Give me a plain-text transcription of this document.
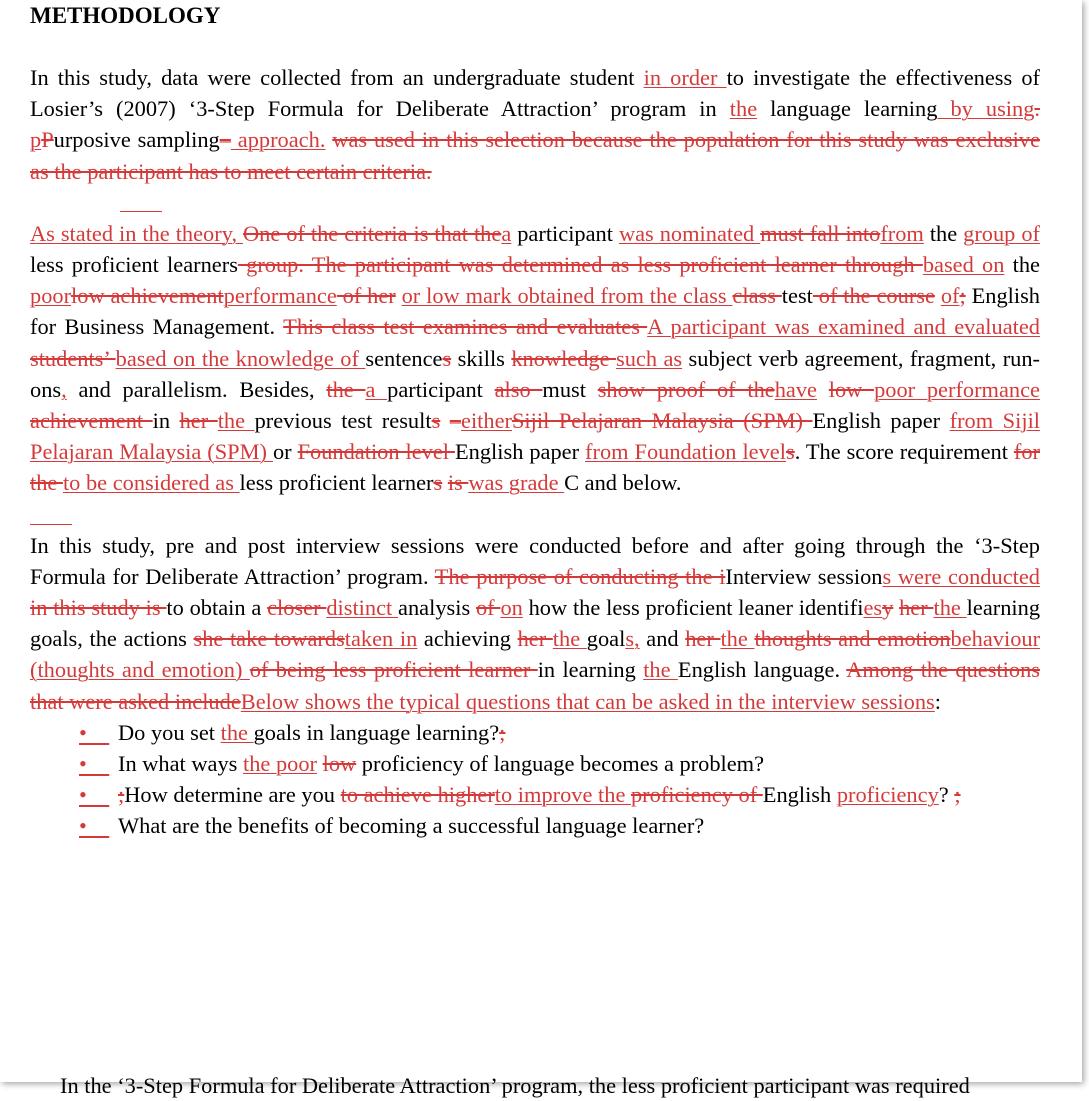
METHODOLOGY

In this study, data were collected from an undergraduate student in order to investigate the effectiveness of Losier’s (2007) ‘3-Step Formula for Deliberate Attraction’ program in the language learning by using. pPurposive sampling– approach. was used in this selection because the population for this study was exclusive as the participant has to meet certain criteria.

As stated in the theory, One of the criteria is that thea participant was nominated must fall intofrom the group of less proficient learners group. The participant was determined as less proficient learner through based on the poorlow achievementperformance of her or low mark obtained from the class class test of the course of; English for Business Management. This class test examines and evaluates A participant was examined and evaluated students’ based on the knowledge of sentences skills knowledge such as subject verb agreement, fragment, run-ons, and parallelism. Besides, the a participant also must show proof of thehave low poor performance achievement in her the previous test results –eitherSijil Pelajaran Malaysia (SPM) English paper from Sijil Pelajaran Malaysia (SPM) or Foundation level English paper from Foundation levels. The score requirement for the to be considered as less proficient learners is was grade C and below.

In this study, pre and post interview sessions were conducted before and after going through the ‘3-Step Formula for Deliberate Attraction’ program. The purpose of conducting the iInterview sessions were conducted in this study is to obtain a closer distinct analysis of on how the less proficient leaner identifiesy her the learning goals, the actions she take towardstaken in achieving her the goals, and her the thoughts and emotionbehaviour (thoughts and emotion) of being less proficient learner in learning the English language. Among the questions that were asked includeBelow shows the typical questions that can be asked in the interview sessions:

• Do you set the goals in language learning?;
• In what ways the poor low proficiency of language becomes a problem?
• ;How determine are you to achieve higherto improve the proficiency of English proficiency? ;
• What are the benefits of becoming a successful language learner?
In the ‘3-Step Formula for Deliberate Attraction’ program, the less proficient participant was required
